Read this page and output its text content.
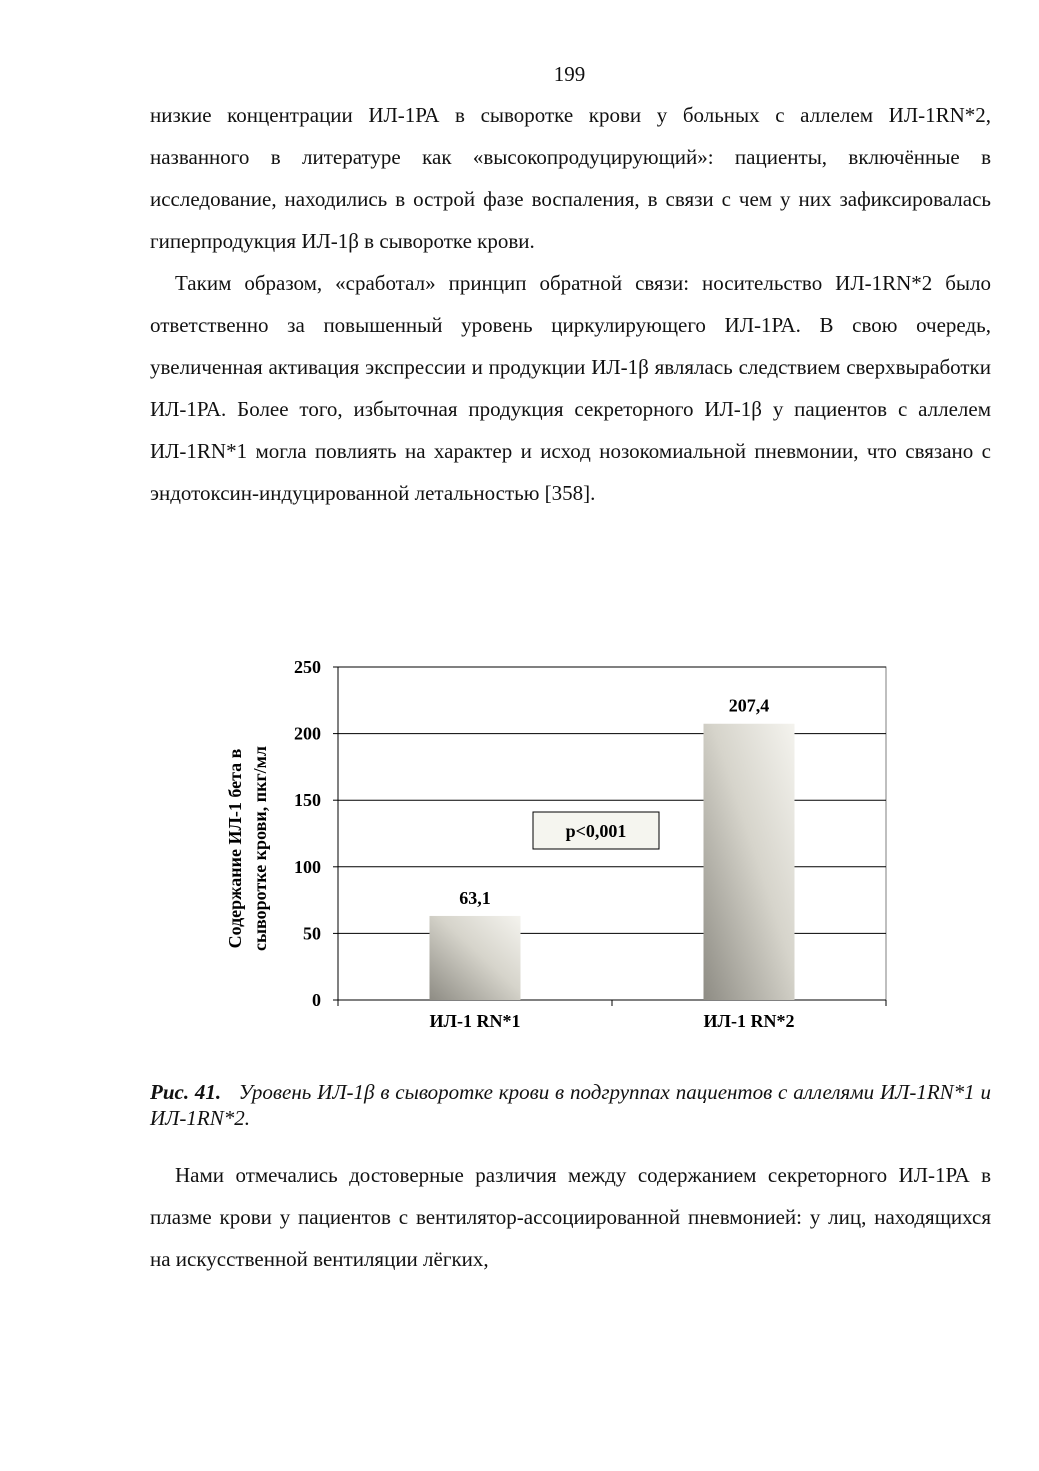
199

низкие концентрации ИЛ-1РА в сыворотке крови у больных с аллелем ИЛ-1RN*2, названного в литературе как «высокопродуцирующий»: пациенты, включённые в исследование, находились в острой фазе воспаления, в связи с чем у них зафиксировалась гиперпродукция ИЛ-1β в сыворотке крови.

Таким образом, «сработал» принцип обратной связи: носительство ИЛ-1RN*2 было ответственно за повышенный уровень циркулирующего ИЛ-1РА. В свою очередь, увеличенная активация экспрессии и продукции ИЛ-1β являлась следствием сверхвыработки ИЛ-1РА. Более того, избыточная продукция секреторного ИЛ-1β у пациентов с аллелем ИЛ-1RN*1 могла повлиять на характер и исход нозокомиальной пневмонии, что связано с эндотоксин-индуцированной летальностью [358].

0
50
100
150
200
250
63,1
ИЛ-1 RN*1
207,4
ИЛ-1 RN*2
p<0,001
Содержание ИЛ-1 бета в сыворотке крови, пкг/мл
Рис. 41. Уровень ИЛ-1β в сыворотке крови в подгруппах пациентов с аллелями ИЛ-1RN*1 и ИЛ-1RN*2.

Нами отмечались достоверные различия между содержанием секреторного ИЛ-1РА в плазме крови у пациентов с вентилятор-ассоциированной пневмонией: у лиц, находящихся на искусственной вентиляции лёгких,
